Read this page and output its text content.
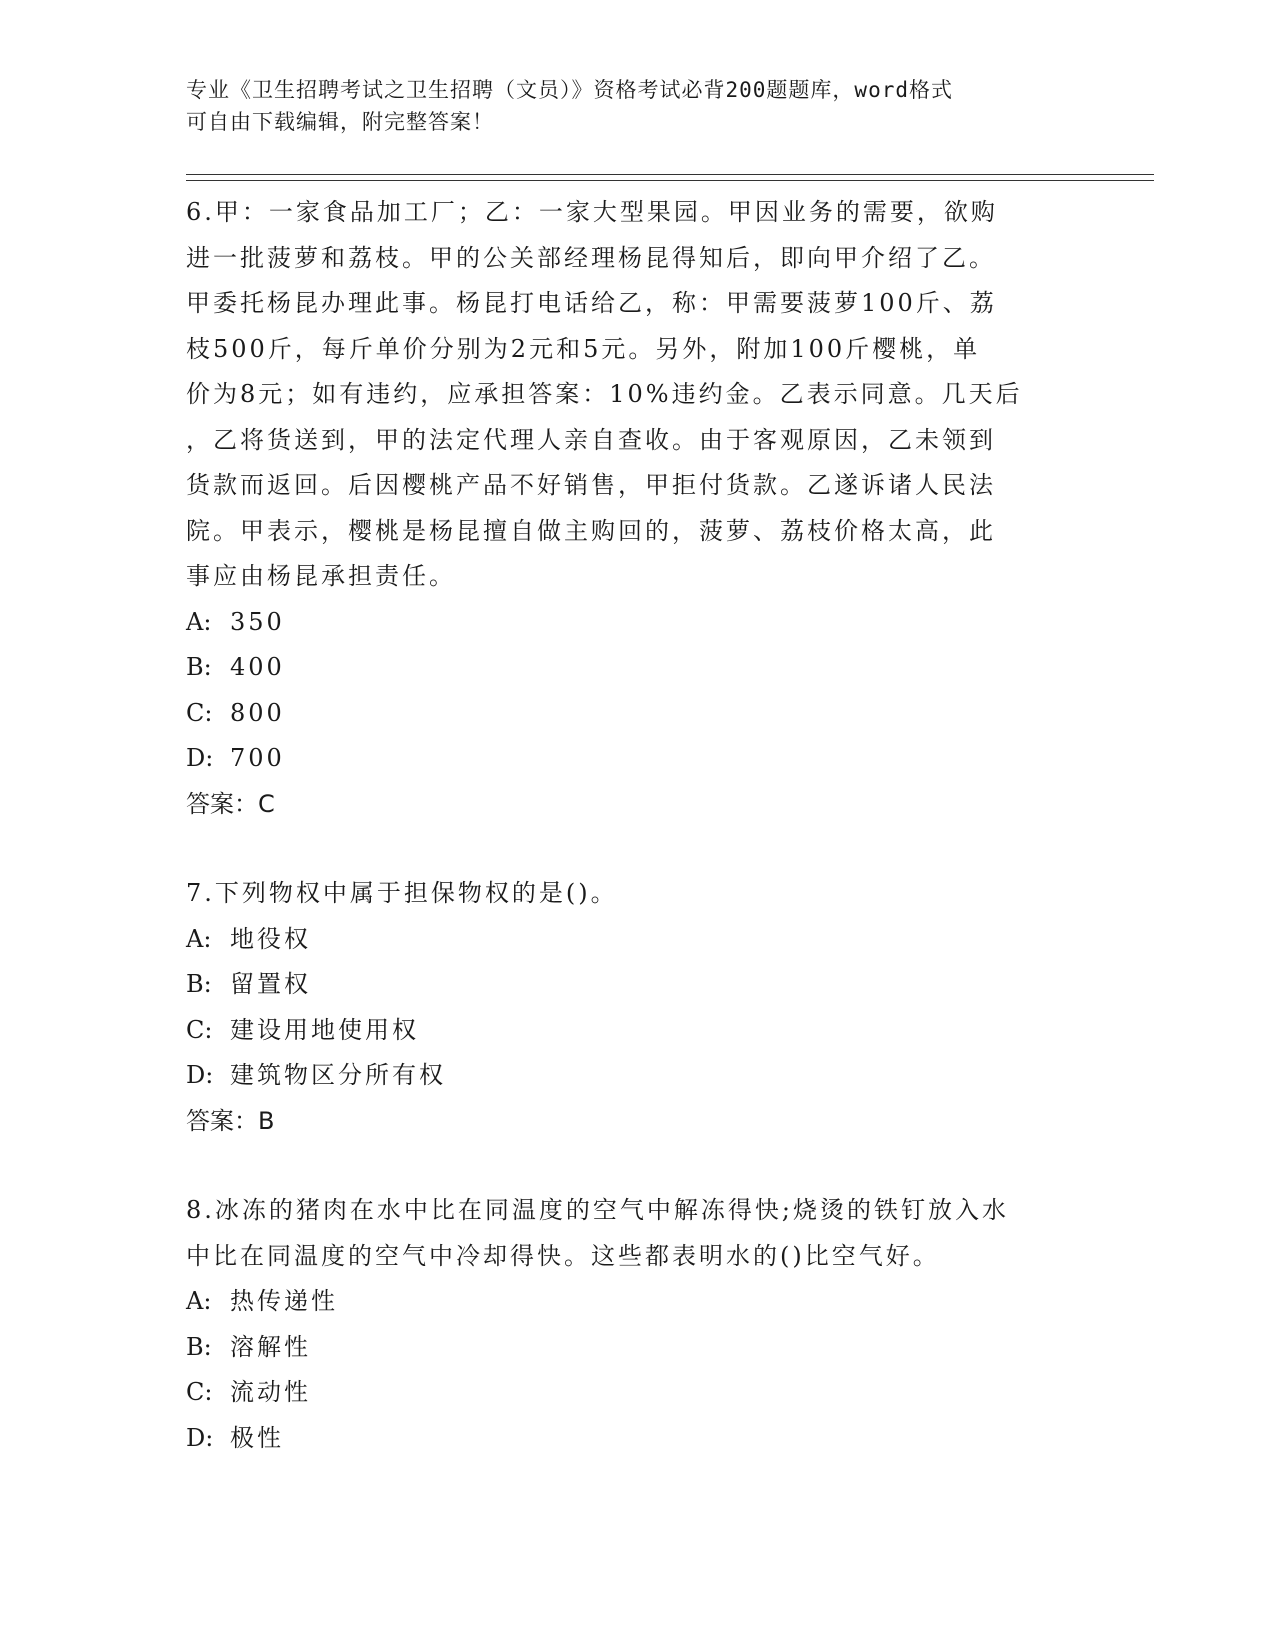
专业《卫生招聘考试之卫生招聘（文员）》资格考试必背200题题库，word格式
可自由下载编辑，附完整答案！
6.甲：一家食品加工厂；乙：一家大型果园。甲因业务的需要，欲购
进一批菠萝和荔枝。甲的公关部经理杨昆得知后，即向甲介绍了乙。
甲委托杨昆办理此事。杨昆打电话给乙，称：甲需要菠萝100斤、荔
枝500斤，每斤单价分别为2元和5元。另外，附加100斤樱桃，单
价为8元；如有违约，应承担答案：10%违约金。乙表示同意。几天后
，乙将货送到，甲的法定代理人亲自查收。由于客观原因，乙未领到
货款而返回。后因樱桃产品不好销售，甲拒付货款。乙遂诉诸人民法
院。甲表示，樱桃是杨昆擅自做主购回的，菠萝、荔枝价格太高，此
事应由杨昆承担责任。
A: 350
B: 400
C: 800
D: 700
答案：C
7.下列物权中属于担保物权的是()。
A: 地役权
B: 留置权
C: 建设用地使用权
D: 建筑物区分所有权
答案：B
8.冰冻的猪肉在水中比在同温度的空气中解冻得快;烧烫的铁钉放入水
中比在同温度的空气中冷却得快。这些都表明水的()比空气好。
A: 热传递性
B: 溶解性
C: 流动性
D: 极性
